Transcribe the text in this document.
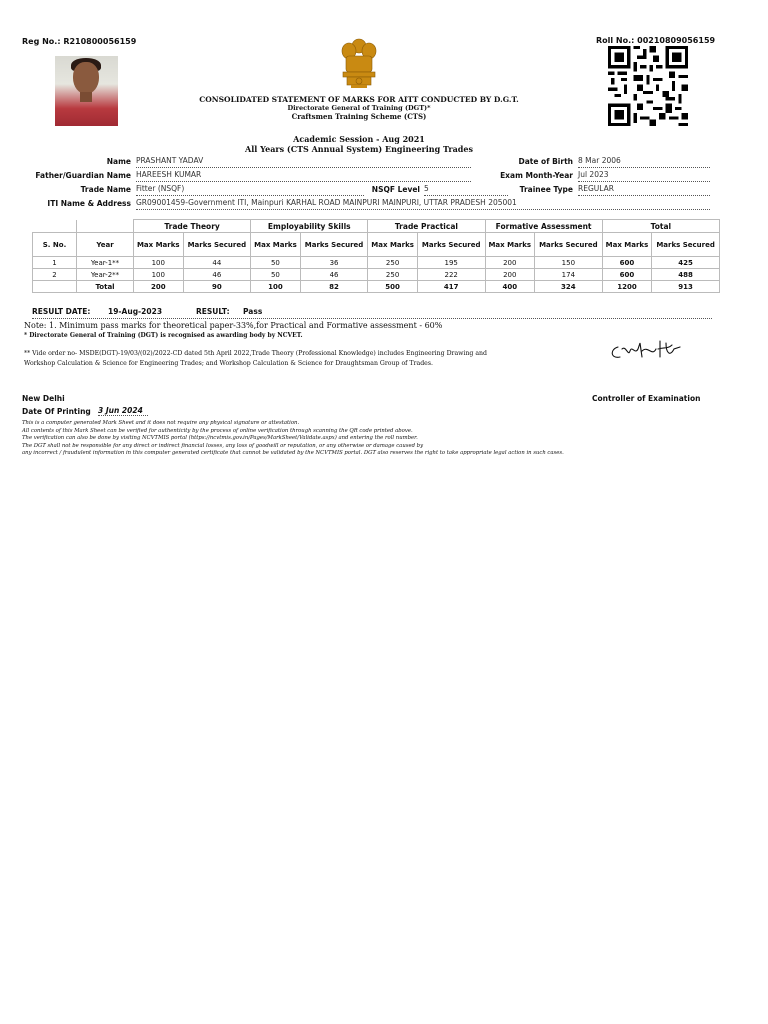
Reg No.: R210800056159	Roll No.: 00210809056159
CONSOLIDATED STATEMENT OF MARKS FOR AITT CONDUCTED BY D.G.T.
Directorate General of Training (DGT)*
Craftsmen Training Scheme (CTS)
Academic Session - Aug 2021
All Years (CTS Annual System) Engineering Trades
Name PRASHANT YADAV	Date of Birth 8 Mar 2006
Father/Guardian Name HAREESH KUMAR	Exam Month-Year Jul 2023
Trade Name Fitter (NSQF)	NSQF Level 5	Trainee Type REGULAR
ITI Name & Address GR09001459-Government ITI, Mainpuri KARHAL ROAD MAINPURI MAINPURI, UTTAR PRADESH 205001
		Trade Theory		Employability Skills		Trade Practical		Formative Assessment		Total	
S. No.	Year	Max Marks	Marks Secured	Max Marks	Marks Secured	Max Marks	Marks Secured	Max Marks	Marks Secured	Max Marks	Marks Secured
1	Year-1**	100	44	50	36	250	195	200	150	600	425
2	Year-2**	100	46	50	46	250	222	200	174	600	488
	Total	200	90	100	82	500	417	400	324	1200	913
RESULT DATE: 19-Aug-2023	RESULT: Pass
Note: 1. Minimum pass marks for theoretical paper-33%,for Practical and Formative assessment - 60%
* Directorate General of Training (DGT) is recognised as awarding body by NCVET.
** Vide order no- MSDE(DGT)-19/03/(02)/2022-CD dated 5th April 2022,Trade Theory (Professional Knowledge) includes Engineering Drawing and
Workshop Calculation & Science for Engineering Trades; and Workshop Calculation & Science for Draughtsman Group of Trades.
New Delhi	Controller of Examination
Date Of Printing 3 Jun 2024
This is a computer generated Mark Sheet and it does not require any physical signature or attestation.
All contents of this Mark Sheet can be verified for authenticity by the process of online verification through scanning the QR code printed above.
The verification can also be done by visiting NCVTMIS portal (https://ncvtmis.gov.in/Pages/MarkSheet/Validate.aspx) and entering the roll number.
The DGT shall not be responsible for any direct or indirect financial losses, any loss of goodwill or reputation, or any otherwise or damage caused by
any incorrect / fraudulent information in this computer generated certificate that cannot be validated by the NCVTMIS portal. DGT also reserves the right to take appropriate legal action in such cases.
